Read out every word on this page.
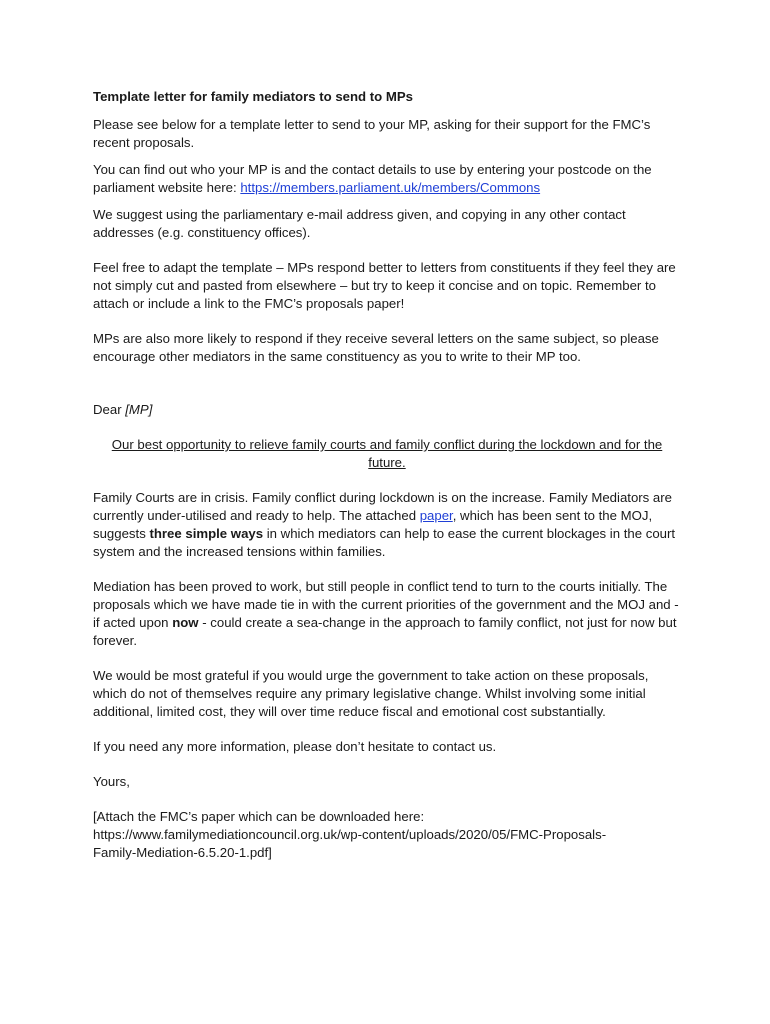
Template letter for family mediators to send to MPs

Please see below for a template letter to send to your MP, asking for their support for the FMC’s recent proposals.

You can find out who your MP is and the contact details to use by entering your postcode on the parliament website here: https://members.parliament.uk/members/Commons

We suggest using the parliamentary e-mail address given, and copying in any other contact addresses (e.g. constituency offices).

Feel free to adapt the template – MPs respond better to letters from constituents if they feel they are not simply cut and pasted from elsewhere – but try to keep it concise and on topic. Remember to attach or include a link to the FMC’s proposals paper!

MPs are also more likely to respond if they receive several letters on the same subject, so please encourage other mediators in the same constituency as you to write to their MP too.

Dear [MP]

Our best opportunity to relieve family courts and family conflict during the lockdown and for the future.

Family Courts are in crisis. Family conflict during lockdown is on the increase. Family Mediators are currently under-utilised and ready to help. The attached paper, which has been sent to the MOJ, suggests three simple ways in which mediators can help to ease the current blockages in the court system and the increased tensions within families.

Mediation has been proved to work, but still people in conflict tend to turn to the courts initially. The proposals which we have made tie in with the current priorities of the government and the MOJ and - if acted upon now - could create a sea-change in the approach to family conflict, not just for now but forever.

We would be most grateful if you would urge the government to take action on these proposals, which do not of themselves require any primary legislative change. Whilst involving some initial additional, limited cost, they will over time reduce fiscal and emotional cost substantially.

If you need any more information, please don’t hesitate to contact us.

Yours,

[Attach the FMC’s paper which can be downloaded here:

https://www.familymediationcouncil.org.uk/wp-content/uploads/2020/05/FMC-Proposals-

Family-Mediation-6.5.20-1.pdf]
